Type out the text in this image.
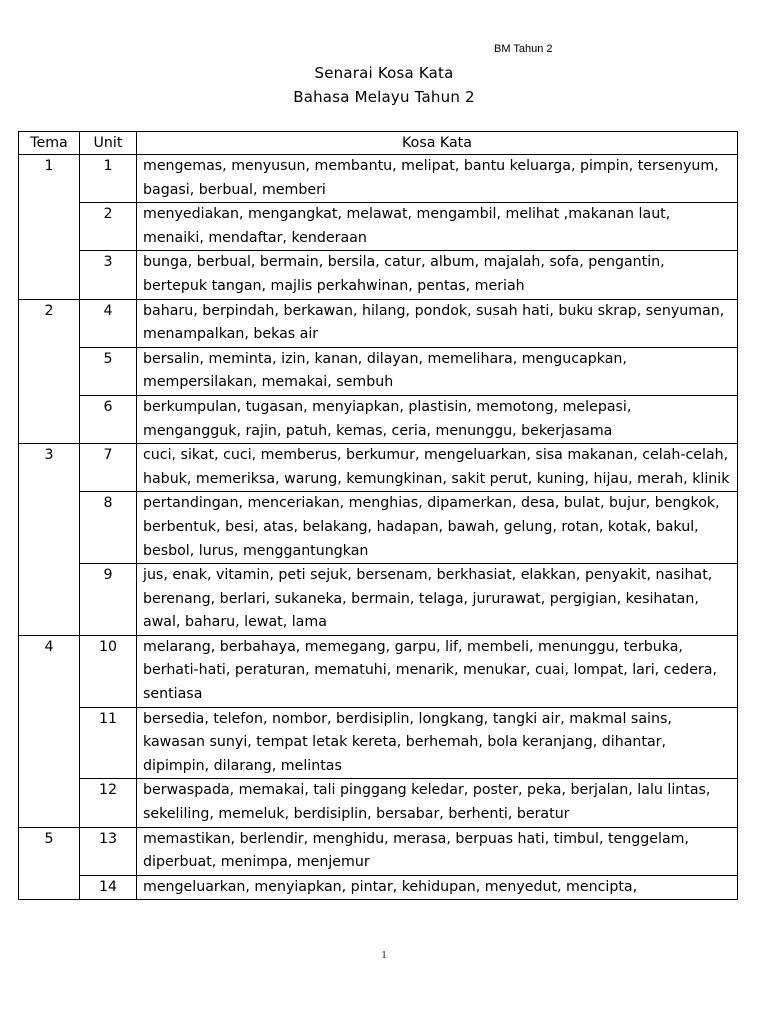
BM Tahun 2
Senarai Kosa Kata
Bahasa Melayu Tahun 2
Tema	Unit	Kosa Kata
1	1	mengemas, menyusun, membantu, melipat, bantu keluarga, pimpin, tersenyum, bagasi, berbual, memberi
	2	menyediakan, mengangkat, melawat, mengambil, melihat ,makanan laut, menaiki, mendaftar, kenderaan
	3	bunga, berbual, bermain, bersila, catur, album, majalah, sofa, pengantin, bertepuk tangan, majlis perkahwinan, pentas, meriah
2	4	baharu, berpindah, berkawan, hilang, pondok, susah hati, buku skrap, senyuman, menampalkan, bekas air
	5	bersalin, meminta, izin, kanan, dilayan, memelihara, mengucapkan, mempersilakan, memakai, sembuh
	6	berkumpulan, tugasan, menyiapkan, plastisin, memotong, melepasi, mengangguk, rajin, patuh, kemas, ceria, menunggu, bekerjasama
3	7	cuci, sikat, cuci, memberus, berkumur, mengeluarkan, sisa makanan, celah-celah, habuk, memeriksa, warung, kemungkinan, sakit perut, kuning, hijau, merah, klinik
	8	pertandingan, menceriakan, menghias, dipamerkan, desa, bulat, bujur, bengkok, berbentuk, besi, atas, belakang, hadapan, bawah, gelung, rotan, kotak, bakul, besbol, lurus, menggantungkan
	9	jus, enak, vitamin, peti sejuk, bersenam, berkhasiat, elakkan, penyakit, nasihat, berenang, berlari, sukaneka, bermain, telaga, jururawat, pergigian, kesihatan, awal, baharu, lewat, lama
4	10	melarang, berbahaya, memegang, garpu, lif, membeli, menunggu, terbuka, berhati-hati, peraturan, mematuhi, menarik, menukar, cuai, lompat, lari, cedera, sentiasa
	11	bersedia, telefon, nombor, berdisiplin, longkang, tangki air, makmal sains, kawasan sunyi, tempat letak kereta, berhemah, bola keranjang, dihantar, dipimpin, dilarang, melintas
	12	berwaspada, memakai, tali pinggang keledar, poster, peka, berjalan, lalu lintas, sekeliling, memeluk, berdisiplin, bersabar, berhenti, beratur
5	13	memastikan, berlendir, menghidu, merasa, berpuas hati, timbul, tenggelam, diperbuat, menimpa, menjemur
	14	mengeluarkan, menyiapkan, pintar, kehidupan, menyedut, mencipta,
1
